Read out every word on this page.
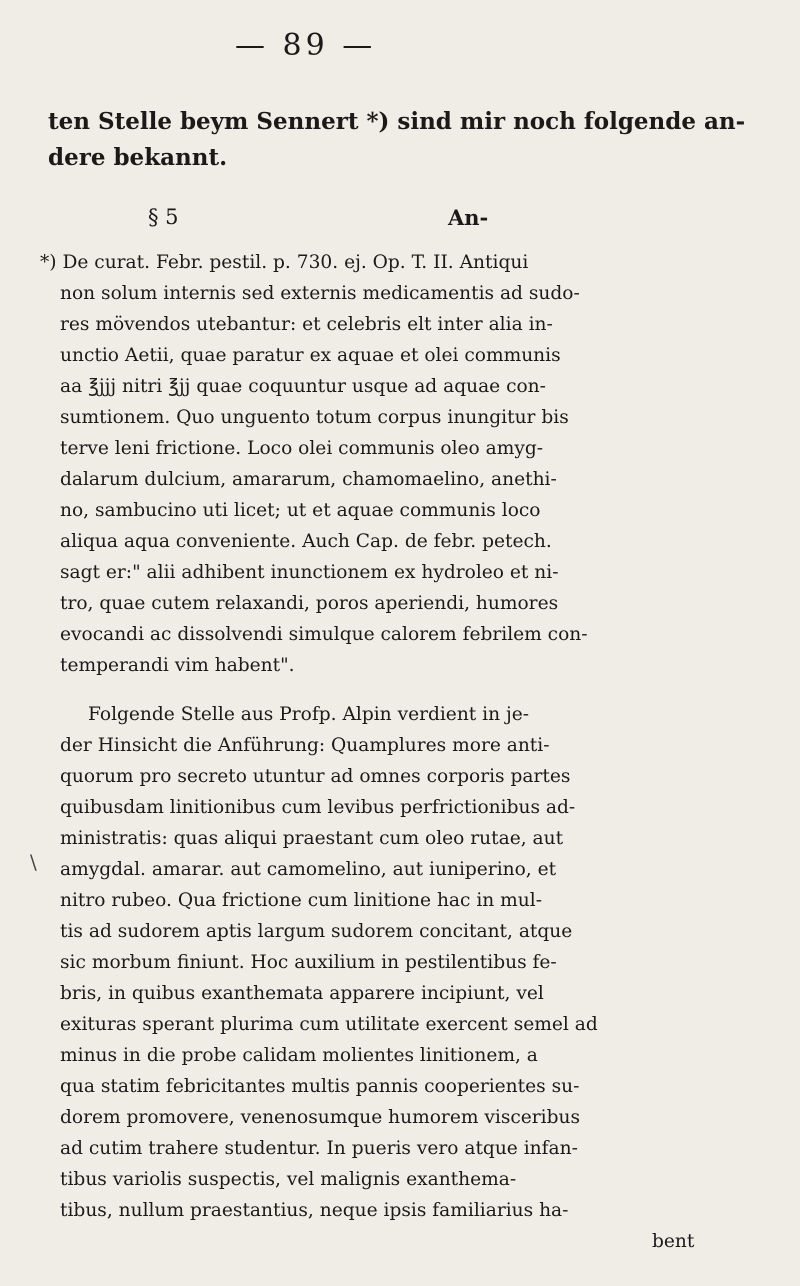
— 89 —
ten Stelle beym Sennert *) sind mir noch folgende an-
dere bekannt.
§ 5	An-
\
*) De curat. Febr. pestil. p. 730. ej. Op. T. II. Antiqui
non solum internis sed externis medicamentis ad sudo-
res mövendos utebantur: et celebris elt inter alia in-
unctio Aetii, quae paratur ex aquae et olei communis
aa ℥jjj nitri ℥jj quae coquuntur usque ad aquae con-
sumtionem. Quo unguento totum corpus inungitur bis
terve leni frictione. Loco olei communis oleo amyg-
dalarum dulcium, amararum, chamomaelino, anethi-
no, sambucino uti licet; ut et aquae communis loco
aliqua aqua conveniente. Auch Cap. de febr. petech.
sagt er:" alii adhibent inunctionem ex hydroleo et ni-
tro, quae cutem relaxandi, poros aperiendi, humores
evocandi ac dissolvendi simulque calorem febrilem con-
temperandi vim habent".
Folgende Stelle aus Profp. Alpin verdient in je-
der Hinsicht die Anführung: Quamplures more anti-
quorum pro secreto utuntur ad omnes corporis partes
quibusdam linitionibus cum levibus perfrictionibus ad-
ministratis: quas aliqui praestant cum oleo rutae, aut
amygdal. amarar. aut camomelino, aut iuniperino, et
nitro rubeo. Qua frictione cum linitione hac in mul-
tis ad sudorem aptis largum sudorem concitant, atque
sic morbum finiunt. Hoc auxilium in pestilentibus fe-
bris, in quibus exanthemata apparere incipiunt, vel
exituras sperant plurima cum utilitate exercent semel ad
minus in die probe calidam molientes linitionem, a
qua statim febricitantes multis pannis cooperientes su-
dorem promovere, venenosumque humorem visceribus
ad cutim trahere studentur. In pueris vero atque infan-
tibus variolis suspectis, vel malignis exanthema-
tibus, nullum praestantius, neque ipsis familiarius ha-
bent
